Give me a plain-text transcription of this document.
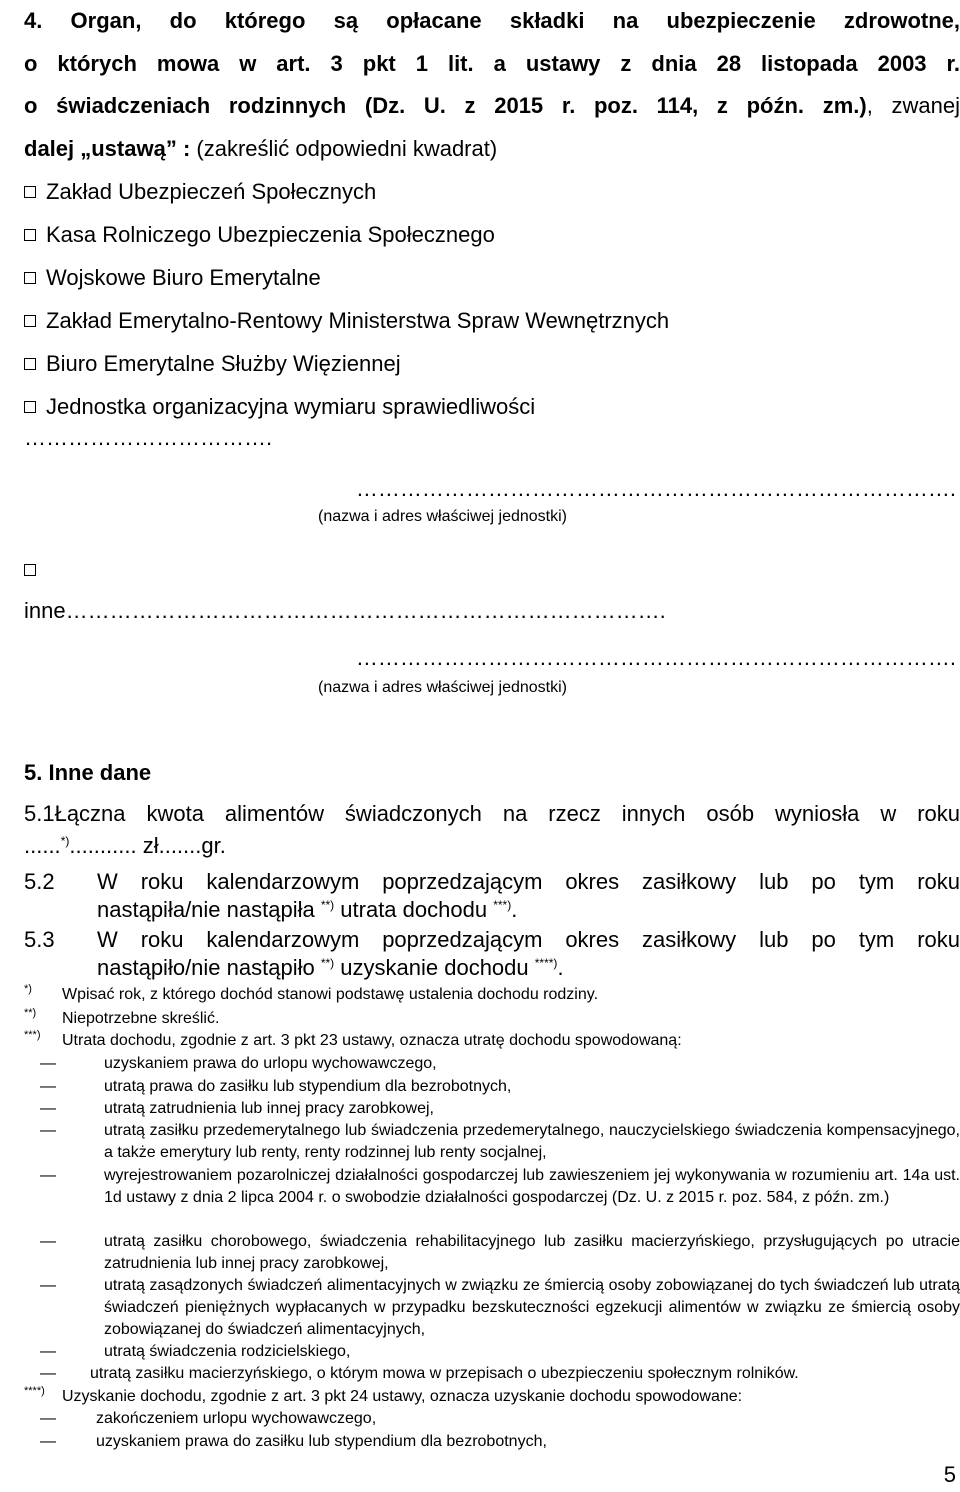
4. Organ, do którego są opłacane składki na ubezpieczenie zdrowotne,
o których mowa w art. 3 pkt 1 lit. a ustawy z dnia 28 listopada 2003 r.
o świadczeniach rodzinnych (Dz. U. z 2015 r. poz. 114, z późn. zm.), zwanej
dalej „ustawą” : (zakreślić odpowiedni kwadrat)
Zakład Ubezpieczeń Społecznych
Kasa Rolniczego Ubezpieczenia Społecznego
Wojskowe Biuro Emerytalne
Zakład Emerytalno-Rentowy Ministerstwa Spraw Wewnętrznych
Biuro Emerytalne Służby Więziennej
Jednostka organizacyjna wymiaru sprawiedliwości
…………………………….
……………………………………………………………………….
(nazwa i adres właściwej jednostki)
inne……………………………………………………………………….
……………………………………………………………………….
(nazwa i adres właściwej jednostki)
5. Inne dane
5.1Łączna kwota alimentów świadczonych na rzecz innych osób wyniosła w roku
......*)........... zł.......gr.
5.2 W roku kalendarzowym poprzedzającym okres zasiłkowy lub po tym roku
nastąpiła/nie nastąpiła **) utrata dochodu ***).
5.3 W roku kalendarzowym poprzedzającym okres zasiłkowy lub po tym roku
nastąpiło/nie nastąpiło **) uzyskanie dochodu ****).
*) Wpisać rok, z którego dochód stanowi podstawę ustalenia dochodu rodziny.
**) Niepotrzebne skreślić.
***) Utrata dochodu, zgodnie z art. 3 pkt 23 ustawy, oznacza utratę dochodu spowodowaną:
—	uzyskaniem prawa do urlopu wychowawczego,
—	utratą prawa do zasiłku lub stypendium dla bezrobotnych,
—	utratą zatrudnienia lub innej pracy zarobkowej,
—	utratą zasiłku przedemerytalnego lub świadczenia przedemerytalnego, nauczycielskiego świadczenia kompensacyjnego, a także emerytury lub renty, renty rodzinnej lub renty socjalnej,
—	wyrejestrowaniem pozarolniczej działalności gospodarczej lub zawieszeniem jej wykonywania w rozumieniu art. 14a ust. 1d ustawy z dnia 2 lipca 2004 r. o swobodzie działalności gospodarczej (Dz. U. z 2015 r. poz. 584, z późn. zm.)
—	utratą zasiłku chorobowego, świadczenia rehabilitacyjnego lub zasiłku macierzyńskiego, przysługujących po utracie zatrudnienia lub innej pracy zarobkowej,
—	utratą zasądzonych świadczeń alimentacyjnych w związku ze śmiercią osoby zobowiązanej do tych świadczeń lub utratą świadczeń pieniężnych wypłacanych w przypadku bezskuteczności egzekucji alimentów w związku ze śmiercią osoby zobowiązanej do świadczeń alimentacyjnych,
—	utratą świadczenia rodzicielskiego,
—	utratą zasiłku macierzyńskiego, o którym mowa w przepisach o ubezpieczeniu społecznym rolników.
****) Uzyskanie dochodu, zgodnie z art. 3 pkt 24 ustawy, oznacza uzyskanie dochodu spowodowane:
—	zakończeniem urlopu wychowawczego,
—	uzyskaniem prawa do zasiłku lub stypendium dla bezrobotnych,
5
